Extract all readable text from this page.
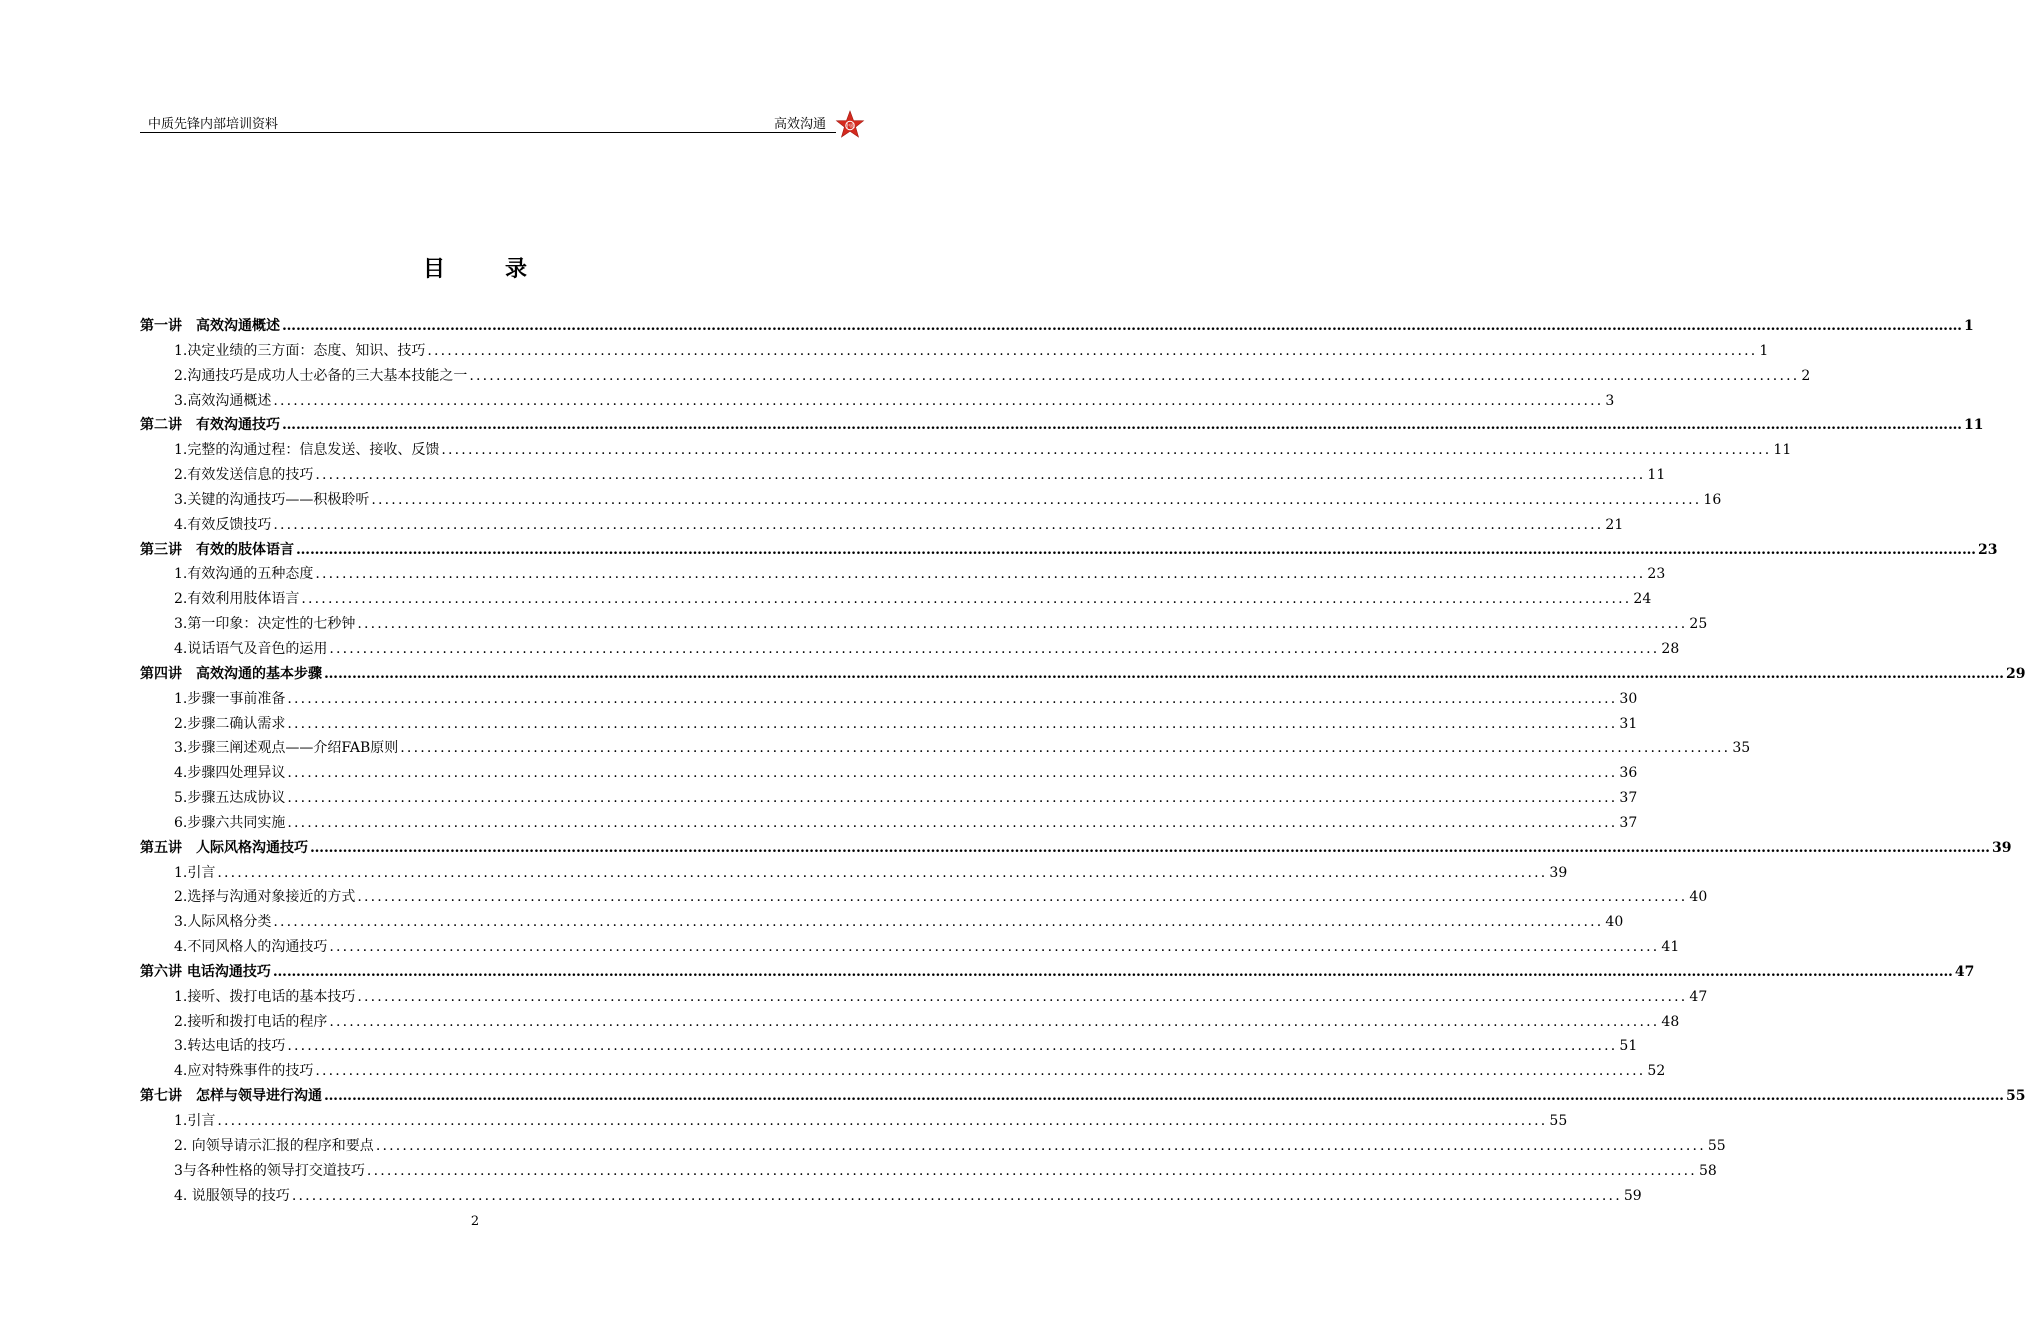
中质先锋内部培训资料	高效沟通	中质
目录
第一讲　高效沟通概述 ……………………………………………………………………………………………………………………………………………………………………………………………………………………………………………………………………………………………………………………………… 1
1.决定业绩的三方面：态度、知识、技巧 ........................................................................................................................................................................................................ 1
2.沟通技巧是成功人士必备的三大基本技能之一 ........................................................................................................................................................................................................ 2
3.高效沟通概述 ........................................................................................................................................................................................................ 3
第二讲　有效沟通技巧 ……………………………………………………………………………………………………………………………………………………………………………………………………………………………………………………………………………………………………………………………… 11
1.完整的沟通过程：信息发送、接收、反馈 ........................................................................................................................................................................................................ 11
2.有效发送信息的技巧 ........................................................................................................................................................................................................ 11
3.关键的沟通技巧——积极聆听 ........................................................................................................................................................................................................ 16
4.有效反馈技巧 ........................................................................................................................................................................................................ 21
第三讲　有效的肢体语言 ……………………………………………………………………………………………………………………………………………………………………………………………………………………………………………………………………………………………………………………………… 23
1.有效沟通的五种态度 ........................................................................................................................................................................................................ 23
2.有效利用肢体语言 ........................................................................................................................................................................................................ 24
3.第一印象：决定性的七秒钟 ........................................................................................................................................................................................................ 25
4.说话语气及音色的运用 ........................................................................................................................................................................................................ 28
第四讲　高效沟通的基本步骤 ……………………………………………………………………………………………………………………………………………………………………………………………………………………………………………………………………………………………………………………………… 29
1.步骤一事前准备 ........................................................................................................................................................................................................ 30
2.步骤二确认需求 ........................................................................................................................................................................................................ 31
3.步骤三阐述观点——介绍FAB原则 ........................................................................................................................................................................................................ 35
4.步骤四处理异议 ........................................................................................................................................................................................................ 36
5.步骤五达成协议 ........................................................................................................................................................................................................ 37
6.步骤六共同实施 ........................................................................................................................................................................................................ 37
第五讲　人际风格沟通技巧 ……………………………………………………………………………………………………………………………………………………………………………………………………………………………………………………………………………………………………………………………… 39
1.引言 ........................................................................................................................................................................................................ 39
2.选择与沟通对象接近的方式 ........................................................................................................................................................................................................ 40
3.人际风格分类 ........................................................................................................................................................................................................ 40
4.不同风格人的沟通技巧 ........................................................................................................................................................................................................ 41
第六讲 电话沟通技巧 ……………………………………………………………………………………………………………………………………………………………………………………………………………………………………………………………………………………………………………………………… 47
1.接听、拨打电话的基本技巧 ........................................................................................................................................................................................................ 47
2.接听和拨打电话的程序 ........................................................................................................................................................................................................ 48
3.转达电话的技巧 ........................................................................................................................................................................................................ 51
4.应对特殊事件的技巧 ........................................................................................................................................................................................................ 52
第七讲　怎样与领导进行沟通 ……………………………………………………………………………………………………………………………………………………………………………………………………………………………………………………………………………………………………………………………… 55
1.引言 ........................................................................................................................................................................................................ 55
2. 向领导请示汇报的程序和要点 ........................................................................................................................................................................................................ 55
3与各种性格的领导打交道技巧 ........................................................................................................................................................................................................ 58
4. 说服领导的技巧 ........................................................................................................................................................................................................ 59
2
